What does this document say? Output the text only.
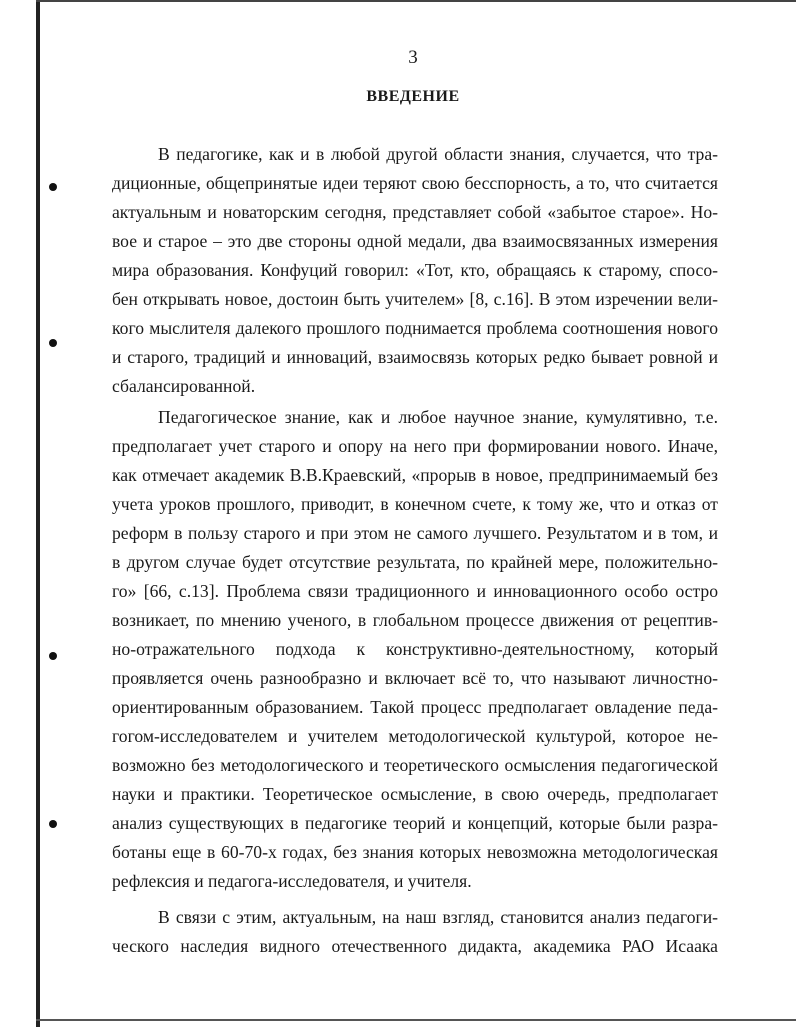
3
ВВЕДЕНИЕ
В педагогике, как и в любой другой области знания, случается, что тра-
диционные, общепринятые идеи теряют свою бесспорность, а то, что считается
актуальным и новаторским сегодня, представляет собой «забытое старое». Но-
вое и старое – это две стороны одной медали, два взаимосвязанных измерения
мира образования. Конфуций говорил: «Тот, кто, обращаясь к старому, спосо-
бен открывать новое, достоин быть учителем» [8, с.16]. В этом изречении вели-
кого мыслителя далекого прошлого поднимается проблема соотношения нового
и старого, традиций и инноваций, взаимосвязь которых редко бывает ровной и
сбалансированной.
Педагогическое знание, как и любое научное знание, кумулятивно, т.е.
предполагает учет старого и опору на него при формировании нового. Иначе,
как отмечает академик В.В.Краевский, «прорыв в новое, предпринимаемый без
учета уроков прошлого, приводит, в конечном счете, к тому же, что и отказ от
реформ в пользу старого и при этом не самого лучшего. Результатом и в том, и
в другом случае будет отсутствие результата, по крайней мере, положительно-
го» [66, с.13]. Проблема связи традиционного и инновационного особо остро
возникает, по мнению ученого, в глобальном процессе движения от рецептив-
но-отражательного подхода к конструктивно-деятельностному, который
проявляется очень разнообразно и включает всё то, что называют личностно-
ориентированным образованием. Такой процесс предполагает овладение педа-
гогом-исследователем и учителем методологической культурой, которое не-
возможно без методологического и теоретического осмысления педагогической
науки и практики. Теоретическое осмысление, в свою очередь, предполагает
анализ существующих в педагогике теорий и концепций, которые были разра-
ботаны еще в 60-70-х годах, без знания которых невозможна методологическая
рефлексия и педагога-исследователя, и учителя.
В связи с этим, актуальным, на наш взгляд, становится анализ педагоги-
ческого наследия видного отечественного дидакта, академика РАО Исаака
